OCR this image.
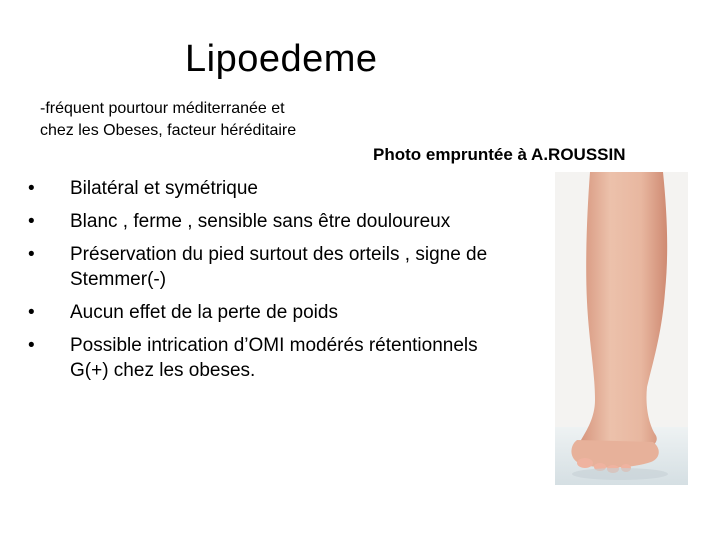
Lipoedeme
-fréquent pourtour méditerranée et
chez les Obeses, facteur héréditaire
Photo empruntée à A.ROUSSIN
• Bilatéral et symétrique
• Blanc , ferme , sensible sans être douloureux
• Préservation du pied surtout des orteils , signe de Stemmer(-)
• Aucun effet de la perte de poids
• Possible intrication d’OMI modérés rétentionnels G(+) chez les obeses.
